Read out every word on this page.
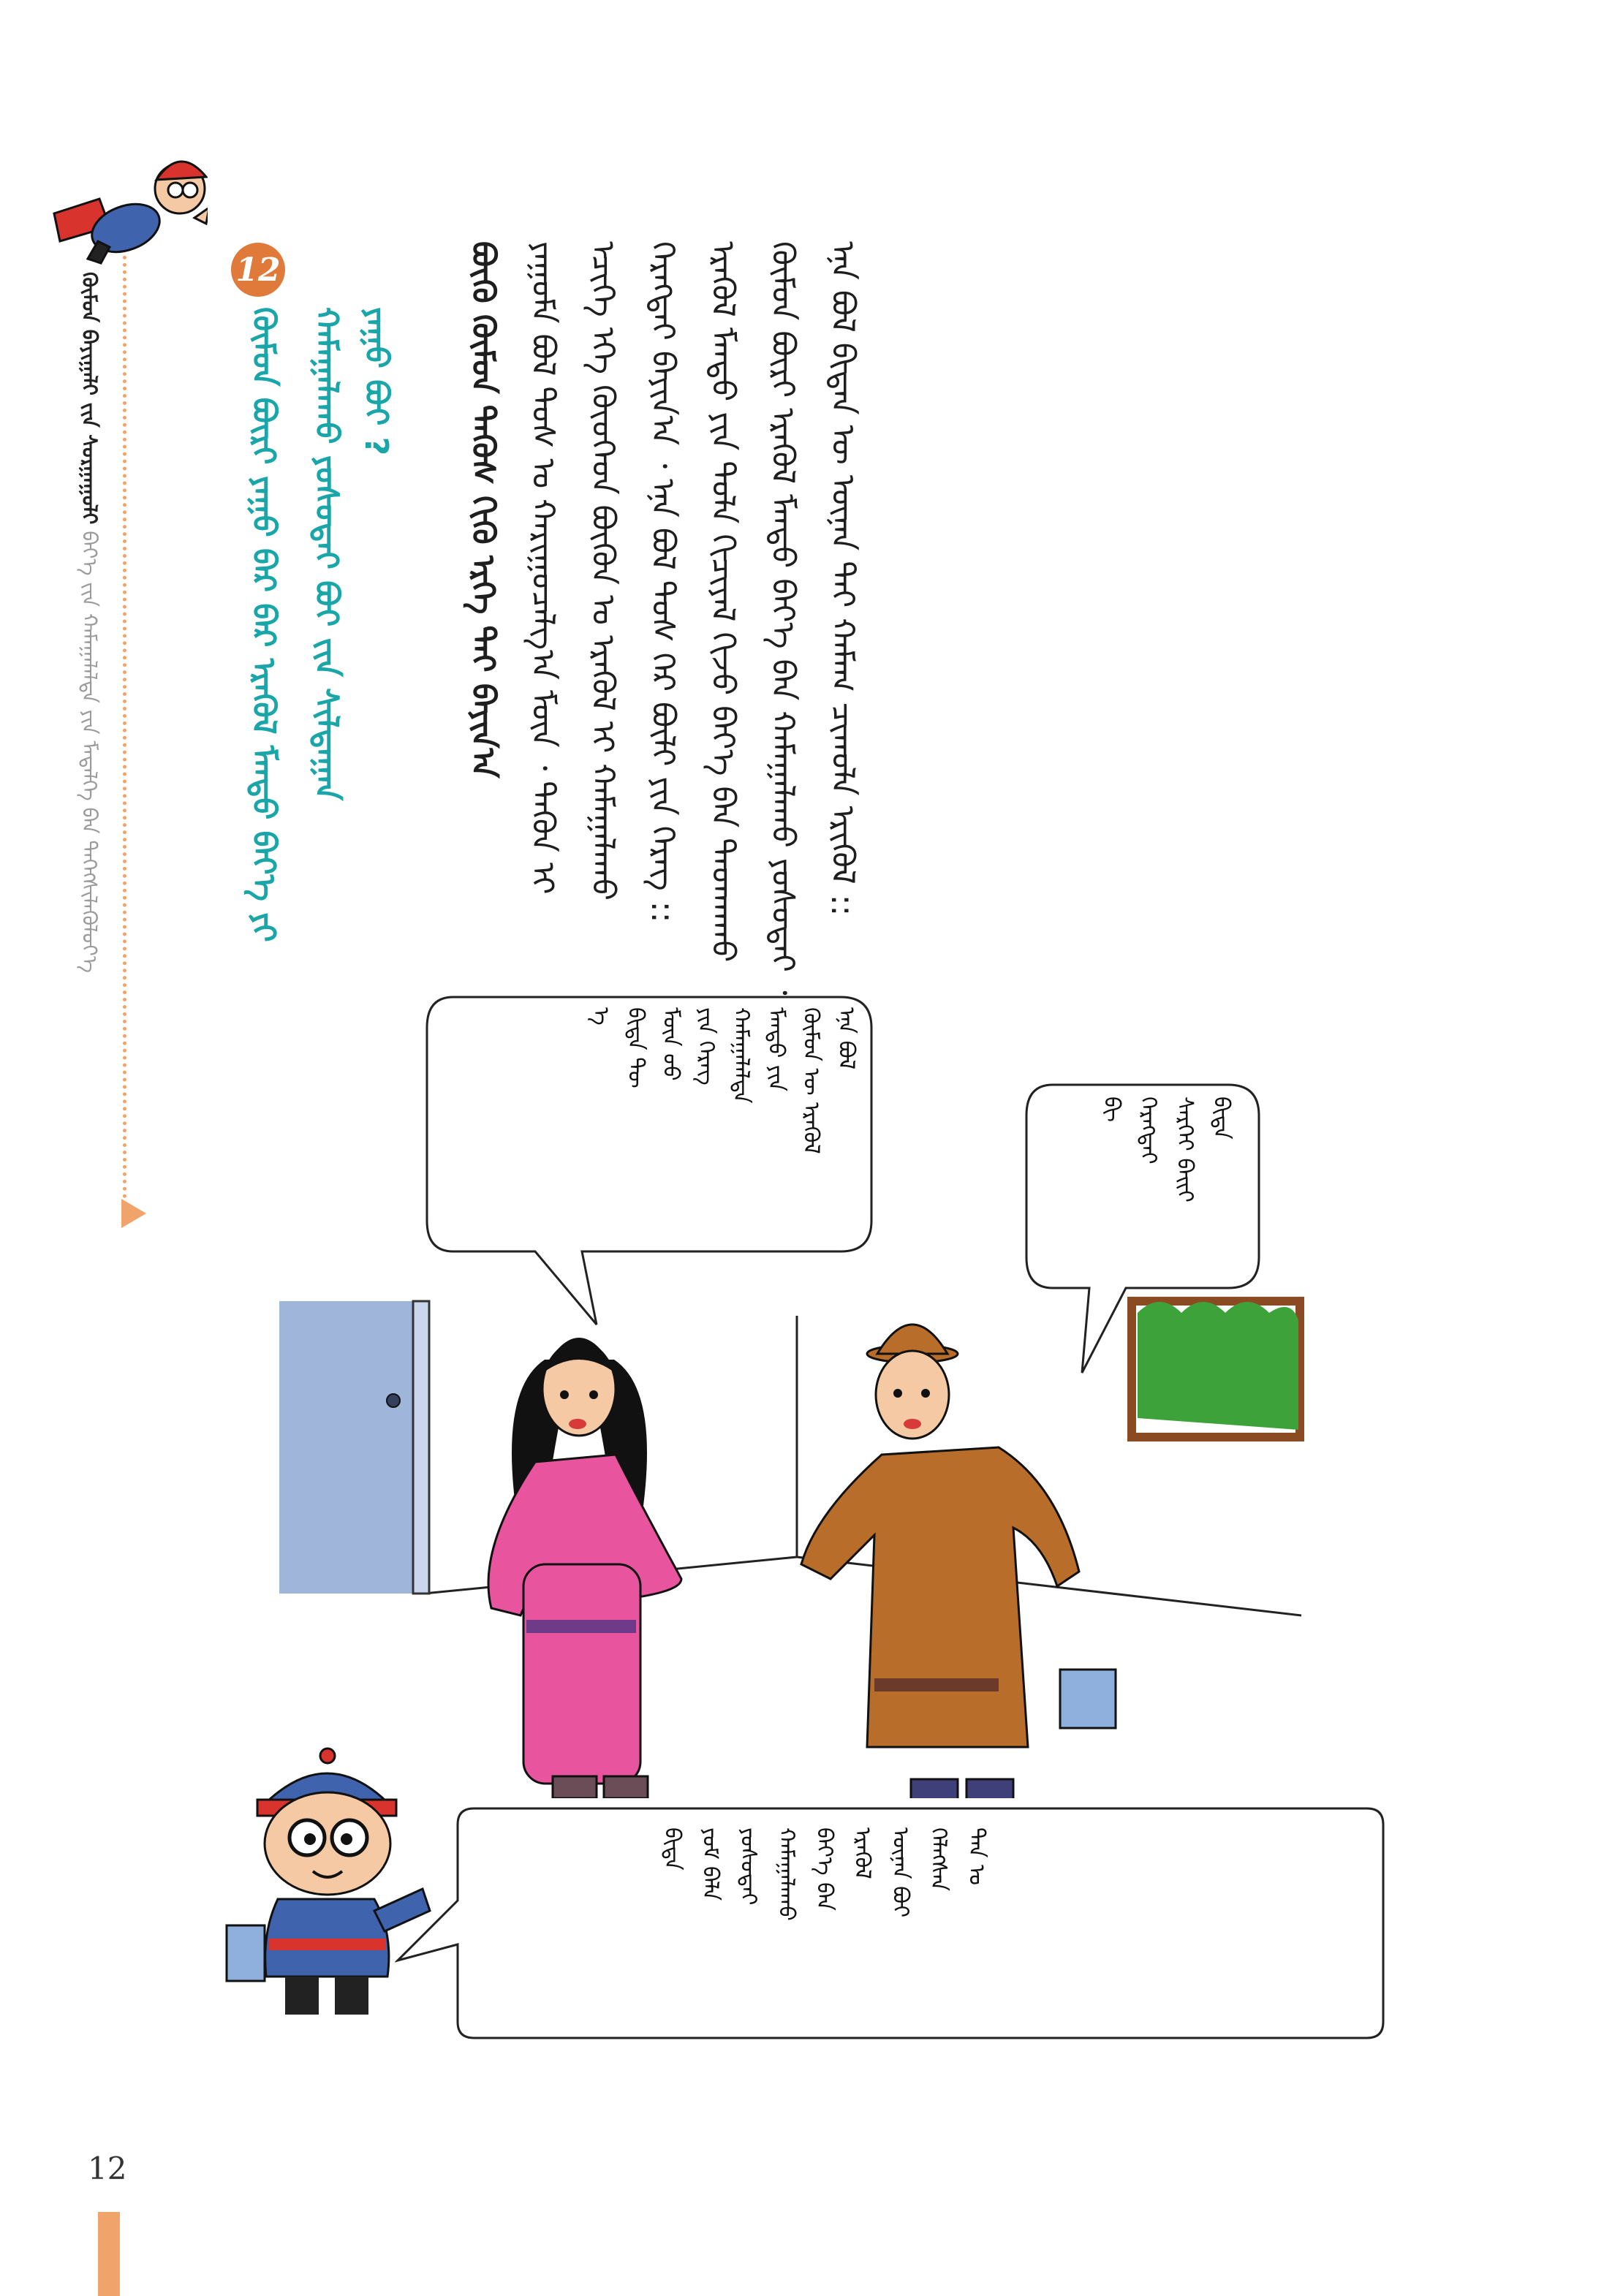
ᠬᠦᠮᠦᠨ ᠪᠠᠶᠢᠭᠠᠯᠢ ᠵᠢᠨ ᠰᠤᠷᠭᠠᠭᠤᠯᠢ ᠪᠡᠶ᠎ᠡ ᠵᠢᠨ ᠬᠠᠮᠠᠭᠠᠯᠠᠯᠲᠠ ᠶᠢᠨ ᠮᠡᠳᠡᠯᠭᠡ ᠪᠠᠨ ᠳᠡᠭᠡᠭᠰᠢᠯᠡᠭᠦᠯᠦᠶ᠎ᠡ
12
ᠬᠦᠮᠦᠨ ᠪᠦᠷᠢ ᠶᠠᠭᠤ ᠪᠡᠷ ᠪᠠᠷ ᠡᠷᠡᠬᠦᠯ ᠮᠡᠨᠳᠦ ᠪᠡᠶ᠎ᠡ ᠶᠢ ᠬᠠᠮᠠᠭᠠᠯᠠᠬᠤ ᠶᠤᠰᠤᠲᠠᠢ ᠪᠤᠢ ᠵᠢᠨ ᠰᠢᠯᠲᠠᠭᠠᠨ ᠶᠠᠭᠤ ᠪᠤᠢ ?	ᠡᠨᠡ ᠪᠣᠯ ᠪᠢᠳᠡᠨ ᠦ ᠦᠨᠡᠨ ᠲᠠᠢ ᠬᠠᠮᠠᠭ ᠴᠢᠬᠤᠯᠠ ᠡᠷᠢᠭᠦᠯ ::
ᠬᠦᠮᠦᠨ ᠪᠦᠷᠢ ᠡᠷᠡᠬᠦᠯ ᠮᠡᠨᠳᠦ ᠪᠡᠶ᠎ᠡ ᠪᠡᠨ ᠬᠠᠮᠠᠭᠠᠯᠠᠬᠤ ᠶᠤᠰᠤᠲᠠᠢ ᠂
ᠡᠷᠡᠬᠦᠯ ᠮᠡᠨᠳᠦ ᠶᠢᠨ ᠲᠤᠯᠠ ᠬᠢᠴᠢᠶᠡᠯ ᠬᠢᠵᠦ ᠪᠡᠶ᠎ᠡ ᠪᠡᠨ ᠳᠠᠳᠬᠠᠬᠤ
ᠬᠡᠷᠡᠭᠲᠡᠢ ᠪᠠᠶᠢᠨ᠎ᠠ ᠂ ᠡᠨᠡ ᠪᠣᠯ ᠲᠤᠰ ᠭᠡᠷ ᠪᠦᠯᠢ ᠶᠢᠨ ᠬᠡᠷᠡᠭ ::
ᠡᠴᠢᠭᠡ ᠡᠬᠡ ᠬᠦᠦᠬᠡᠳ ᠪᠦᠬᠦᠨ ᠤ ᠡᠷᠡᠬᠦᠯ ᠢ ᠬᠠᠮᠠᠭᠠᠯᠠᠬᠤ
ᠶᠠᠭᠤᠮᠠ ᠪᠣᠯ ᠲᠤᠰ ᠤ ᠬᠠᠷᠢᠭᠤᠴᠠᠯᠭ᠎ᠠ ᠮᠥᠨ ᠂ ᠲᠡᠭᠦᠨ ᠢ
ᠪᠦᠬᠦ ᠬᠦᠮᠦᠨ ᠲᠡᠭᠦᠰ ᠬᠢᠬᠦ ᠡᠷᠬᠡ ᠲᠠᠢ ᠪᠠᠶᠢᠨ᠎ᠠ
ᠡᠨᠡ ᠪᠣᠯ
ᠬᠦᠮᠦᠨ ᠦ ᠡᠷᠡᠬᠦᠯ
ᠮᠡᠨᠳᠦ ᠶᠢᠨ
ᠬᠠᠮᠠᠭᠠᠯᠠᠯᠲᠠ
ᠶᠢᠨ ᠬᠡᠷᠡᠭ
ᠮᠥᠨ ᠤᠤ
ᠪᠢᠳᠡ ᠲᠦ
ᠡ
ᠪᠢᠳᠡ
ᠰᠡᠷᠭᠡᠢ ᠪᠠᠢᠶ
ᠬᠡᠷᠡᠭᠲᠡᠢ
ᠪᠢ
ᠲᠠᠨ ᠤ
ᠬᠡᠯᠡᠭᠰᠡᠨ
ᠦᠨᠡᠨ ᠪᠤᠢ
ᠡᠷᠡᠬᠦᠯ
ᠪᠡᠶ᠎ᠡ ᠪᠡᠨ
ᠬᠠᠮᠠᠭᠠᠯᠠᠬᠤ
ᠶᠤᠰᠤᠲᠠᠢ
ᠶᠤᠮ ᠪᠡᠯᠡ
ᠪᠢᠳᠡ
12
